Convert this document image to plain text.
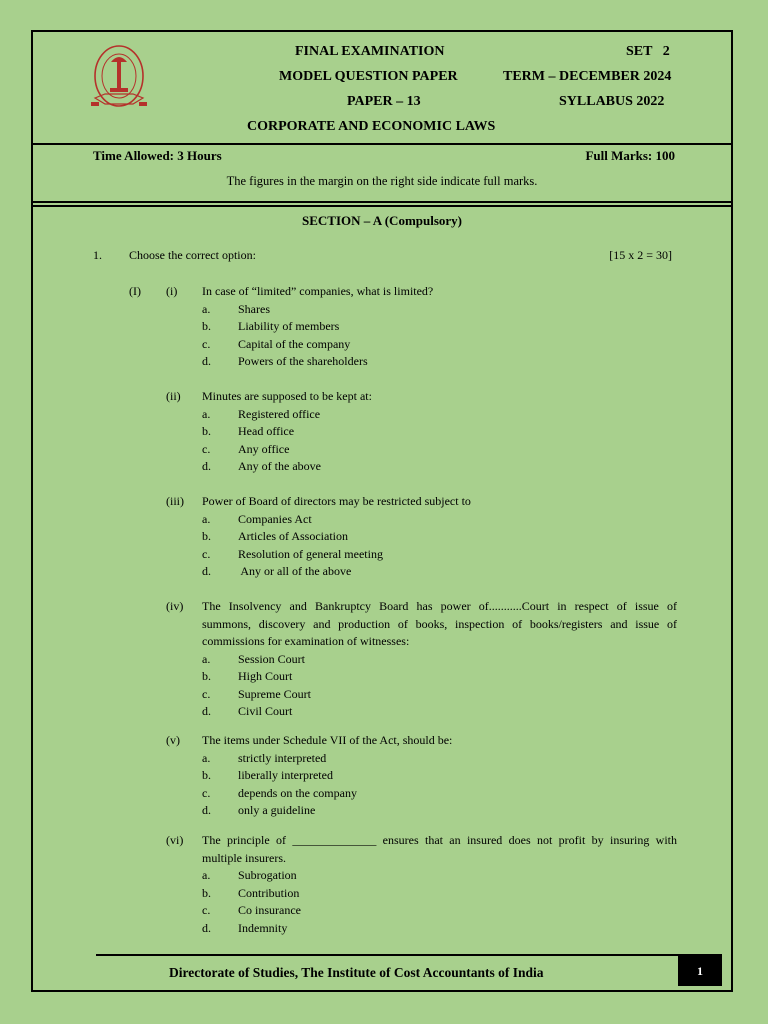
FINAL EXAMINATION	SET   2
MODEL QUESTION PAPER	TERM – DECEMBER 2024
PAPER – 13	SYLLABUS 2022
CORPORATE AND ECONOMIC LAWS
Time Allowed: 3 Hours	Full Marks: 100
The figures in the margin on the right side indicate full marks.
SECTION – A (Compulsory)
1. Choose the correct option:	[15 x 2 = 30]
(I) (i) In case of “limited” companies, what is limited?
a. Shares
b. Liability of members
c. Capital of the company
d. Powers of the shareholders
(ii) Minutes are supposed to be kept at:
a. Registered office
b. Head office
c. Any office
d. Any of the above
(iii) Power of Board of directors may be restricted subject to
a. Companies Act
b. Articles of Association
c. Resolution of general meeting
d. Any or all of the above
(iv) The Insolvency and Bankruptcy Board has power of...........Court in respect of issue of
summons, discovery and production of books, inspection of books/registers and issue of
commissions for examination of witnesses:
a. Session Court
b. High Court
c. Supreme Court
d. Civil Court
(v) The items under Schedule VII of the Act, should be:
a. strictly interpreted
b. liberally interpreted
c. depends on the company
d. only a guideline
(vi) The principle of ______________ ensures that an insured does not profit by insuring with
multiple insurers.
a. Subrogation
b. Contribution
c. Co insurance
d. Indemnity
Directorate of Studies, The Institute of Cost Accountants of India	1
